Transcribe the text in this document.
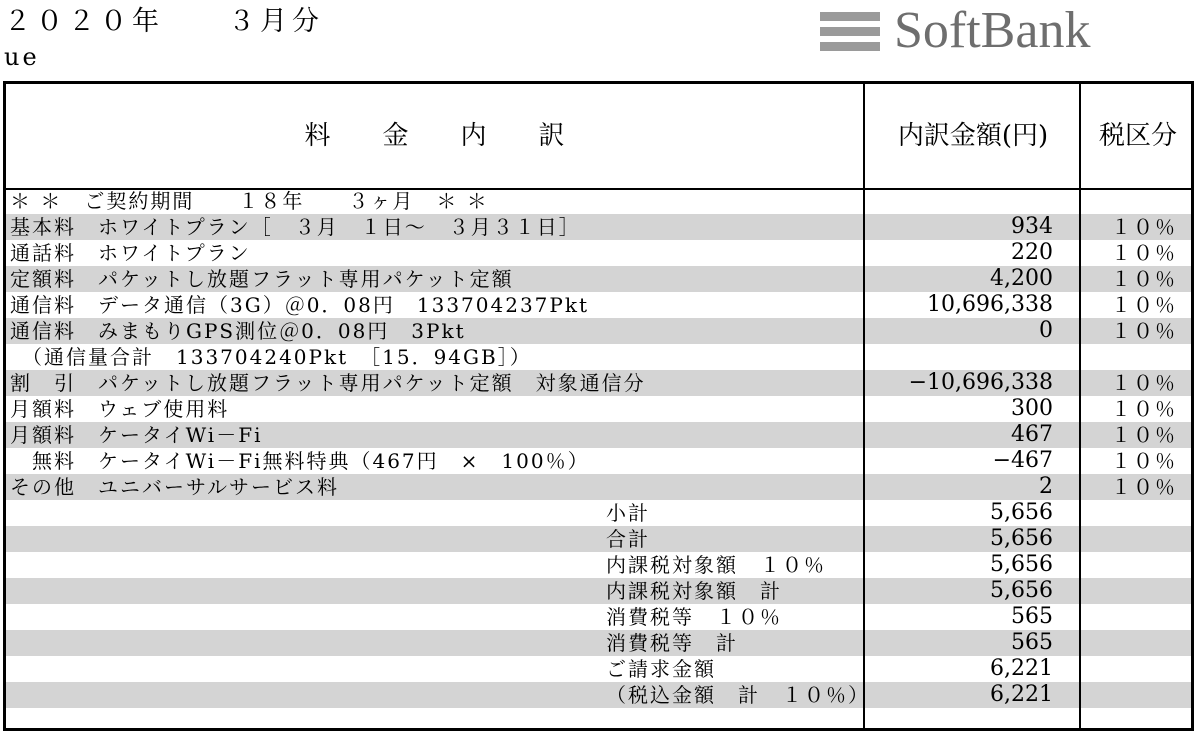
２０２０年　　３月分
ue	SoftBank
料　　金　　内　　訳	内訳金額(円)	税区分
＊ ＊　ご契約期間　　１８年　　３ヶ月　＊ ＊
基本料　ホワイトプラン［　３月　１日～　３月３１日］	934	１０％
通話料　ホワイトプラン	220	１０％
定額料　パケットし放題フラット専用パケット定額	4,200	１０％
通信料　データ通信（3G）＠0．08円　133704237Pkt	10,696,338	１０％
通信料　みまもりGPS測位＠0．08円　3Pkt	0	１０％
　（通信量合計　133704240Pkt　［15．94GB］）
割　引　パケットし放題フラット専用パケット定額　対象通信分	−10,696,338	１０％
月額料　ウェブ使用料	300	１０％
月額料　ケータイWi－Fi	467	１０％
　無料　ケータイWi－Fi無料特典（467円　×　100％）	−467	１０％
その他　ユニバーサルサービス料	2	１０％
小計	5,656
合計	5,656
内課税対象額　１０％	5,656
内課税対象額　計	5,656
消費税等　１０％	565
消費税等　計	565
ご請求金額	6,221
（税込金額　計　１０％）	6,221
